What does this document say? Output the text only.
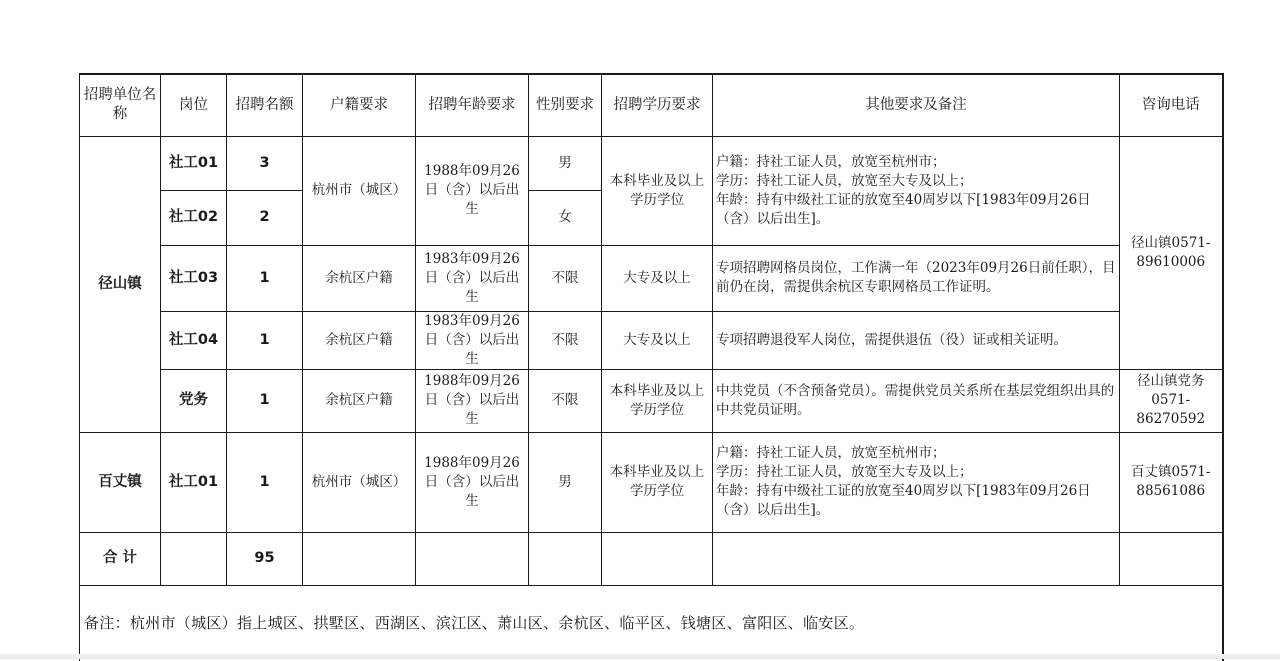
招聘单位名称	岗位	招聘名额	户籍要求	招聘年龄要求	性别要求	招聘学历要求	其他要求及备注	咨询电话
径山镇	社工01	3	杭州市（城区）	1988年09月26日（含）以后出生	男	本科毕业及以上学历学位	户籍：持社工证人员，放宽至杭州市；
学历：持社工证人员，放宽至大专及以上；
年龄：持有中级社工证的放宽至40周岁以下[1983年09月26日（含）以后出生]。	径山镇0571-89610006
	社工02	2			女			
	社工03	1	余杭区户籍	1983年09月26日（含）以后出生	不限	大专及以上	专项招聘网格员岗位，工作满一年（2023年09月26日前任职），目前仍在岗，需提供余杭区专职网格员工作证明。	
	社工04	1	余杭区户籍	1983年09月26日（含）以后出生	不限	大专及以上	专项招聘退役军人岗位，需提供退伍（役）证或相关证明。	
	党务	1	余杭区户籍	1988年09月26日（含）以后出生	不限	本科毕业及以上学历学位	中共党员（不含预备党员）。需提供党员关系所在基层党组织出具的中共党员证明。	径山镇党务0571-86270592
百丈镇	社工01	1	杭州市（城区）	1988年09月26日（含）以后出生	男	本科毕业及以上学历学位	户籍：持社工证人员，放宽至杭州市；
学历：持社工证人员，放宽至大专及以上；
年龄：持有中级社工证的放宽至40周岁以下[1983年09月26日（含）以后出生]。	百丈镇0571-88561086
合 计		95						
备注：杭州市（城区）指上城区、拱墅区、西湖区、滨江区、萧山区、余杭区、临平区、钱塘区、富阳区、临安区。								
